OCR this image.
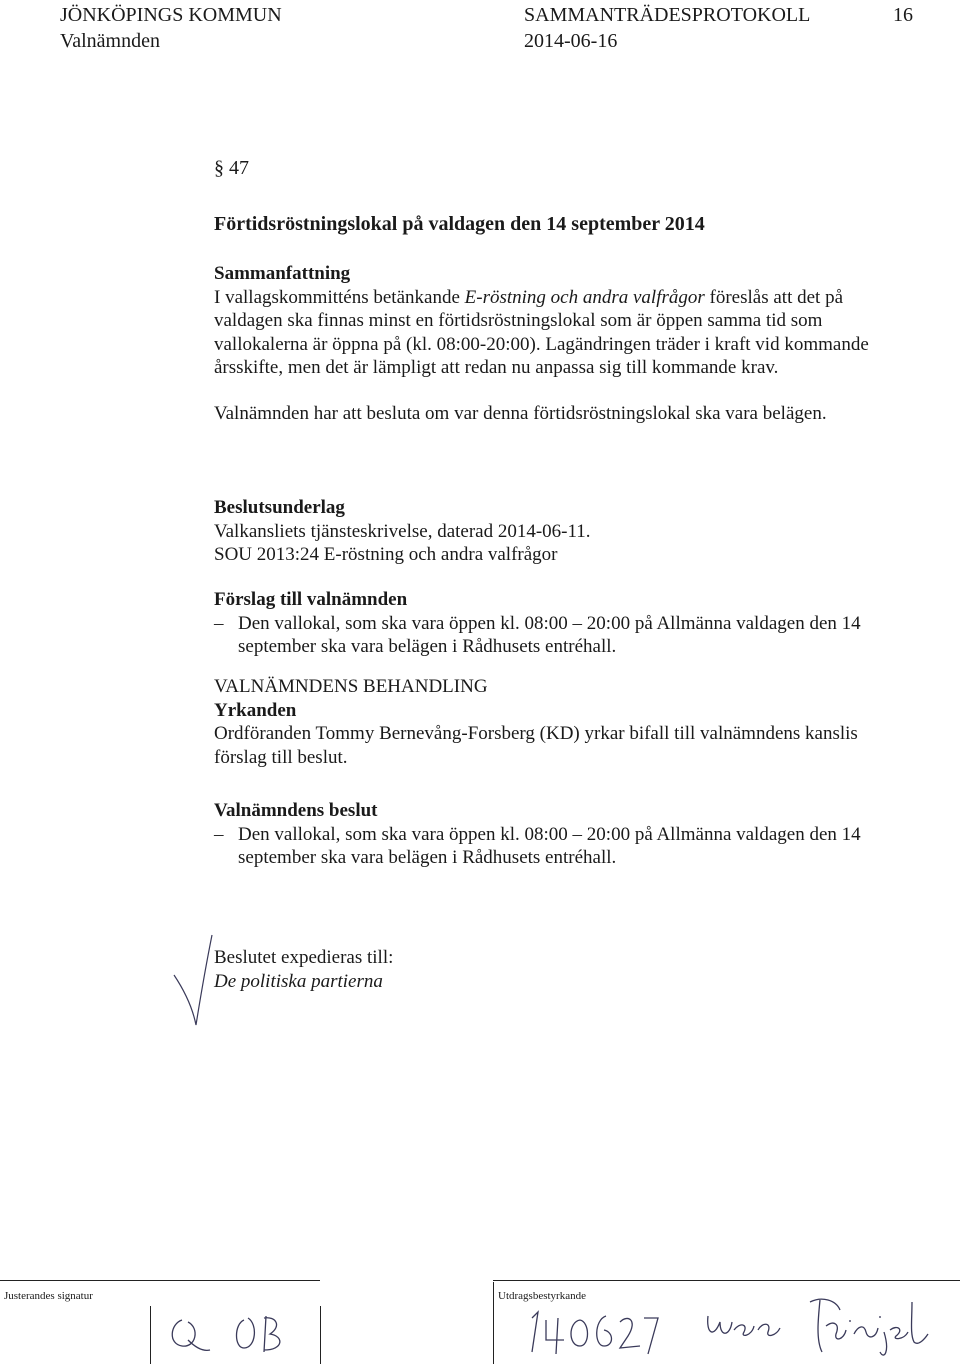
JÖNKÖPINGS KOMMUN
Valnämnden
SAMMANTRÄDESPROTOKOLL
2014-06-16
16
§ 47
Förtidsröstningslokal på valdagen den 14 september 2014

Sammanfattning

I vallagskommitténs betänkande E-röstning och andra valfrågor föreslås att det på valdagen ska finnas minst en förtidsröstningslokal som är öppen samma tid som vallokalerna är öppna på (kl. 08:00-20:00). Lagändringen träder i kraft vid kommande årsskifte, men det är lämpligt att redan nu anpassa sig till kommande krav.

Valnämnden har att besluta om var denna förtidsröstningslokal ska vara belägen.

Beslutsunderlag

Valkansliets tjänsteskrivelse, daterad 2014-06-11.

SOU 2013:24 E-röstning och andra valfrågor

Förslag till valnämnden

– Den vallokal, som ska vara öppen kl. 08:00 – 20:00 på Allmänna valdagen den 14 september ska vara belägen i Rådhusets entréhall.

VALNÄMNDENS BEHANDLING

Yrkanden

Ordföranden Tommy Bernevång-Forsberg (KD) yrkar bifall till valnämndens kanslis förslag till beslut.

Valnämndens beslut

– Den vallokal, som ska vara öppen kl. 08:00 – 20:00 på Allmänna valdagen den 14 september ska vara belägen i Rådhusets entréhall.

Beslutet expedieras till:

De politiska partierna

Justerandes signatur	Utdragsbestyrkande
